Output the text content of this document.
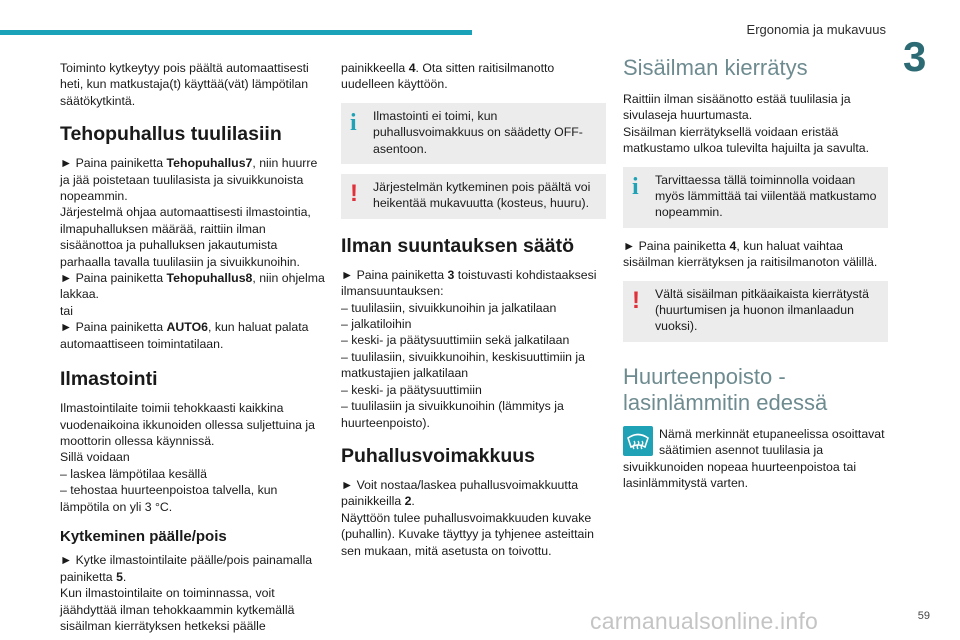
Ergonomia ja mukavuus
3

Toiminto kytkeytyy pois päältä automaattisesti heti, kun matkustaja(t) käyttää(vät) lämpötilan säätökytkintä.

Tehopuhallus tuulilasiin

► Paina painiketta Tehopuhallus7, niin huurre ja jää poistetaan tuulilasista ja sivuikkunoista nopeammin.

Järjestelmä ohjaa automaattisesti ilmastointia, ilmapuhalluksen määrää, raittiin ilman sisäänottoa ja puhalluksen jakautumista parhaalla tavalla tuulilasiin ja sivuikkunoihin.

► Paina painiketta Tehopuhallus8, niin ohjelma lakkaa.

tai

► Paina painiketta AUTO6, kun haluat palata automaattiseen toimintatilaan.

Ilmastointi

Ilmastointilaite toimii tehokkaasti kaikkina vuodenaikoina ikkunoiden ollessa suljettuina ja moottorin ollessa käynnissä.
Sillä voidaan
– laskea lämpötilaa kesällä
– tehostaa huurteenpoistoa talvella, kun lämpötila on yli 3 °C.

Kytkeminen päälle/pois

► Kytke ilmastointilaite päälle/pois painamalla painiketta 5.

Kun ilmastointilaite on toiminnassa, voit jäähdyttää ilman tehokkaammin kytkemällä sisäilman kierrätyksen hetkeksi päälle

painikkeella 4. Ota sitten raitisilmanotto uudelleen käyttöön.

i	Ilmastointi ei toimi, kun puhallusvoimakkuus on säädetty OFF-asentoon.

!	Järjestelmän kytkeminen pois päältä voi heikentää mukavuutta (kosteus, huuru).

Ilman suuntauksen säätö

► Paina painiketta 3 toistuvasti kohdistaaksesi ilmansuuntauksen:

– tuulilasiin, sivuikkunoihin ja jalkatilaan
– jalkatiloihin
– keski- ja päätysuuttimiin sekä jalkatilaan
– tuulilasiin, sivuikkunoihin, keskisuuttimiin ja matkustajien jalkatilaan
– keski- ja päätysuuttimiin
– tuulilasiin ja sivuikkunoihin (lämmitys ja huurteenpoisto).

Puhallusvoimakkuus

► Voit nostaa/laskea puhallusvoimakkuutta painikkeilla 2.

Näyttöön tulee puhallusvoimakkuuden kuvake (puhallin). Kuvake täyttyy ja tyhjenee asteittain sen mukaan, mitä asetusta on toivottu.

Sisäilman kierrätys

Raittiin ilman sisäänotto estää tuulilasia ja sivulaseja huurtumasta.
Sisäilman kierrätyksellä voidaan eristää matkustamo ulkoa tulevilta hajuilta ja savulta.

i	Tarvittaessa tällä toiminnolla voidaan myös lämmittää tai viilentää matkustamo nopeammin.

► Paina painiketta 4, kun haluat vaihtaa sisäilman kierrätyksen ja raitisilmanoton välillä.

!	Vältä sisäilman pitkäaikaista kierrätystä (huurtumisen ja huonon ilmanlaadun vuoksi).

Huurteenpoisto - lasinlämmitin edessä

Nämä merkinnät etupaneelissa osoittavat säätimien asennot tuulilasia ja sivuikkunoiden nopeaa huurteenpoistoa tai lasinlämmitystä varten.

carmanualsonline.info	59
